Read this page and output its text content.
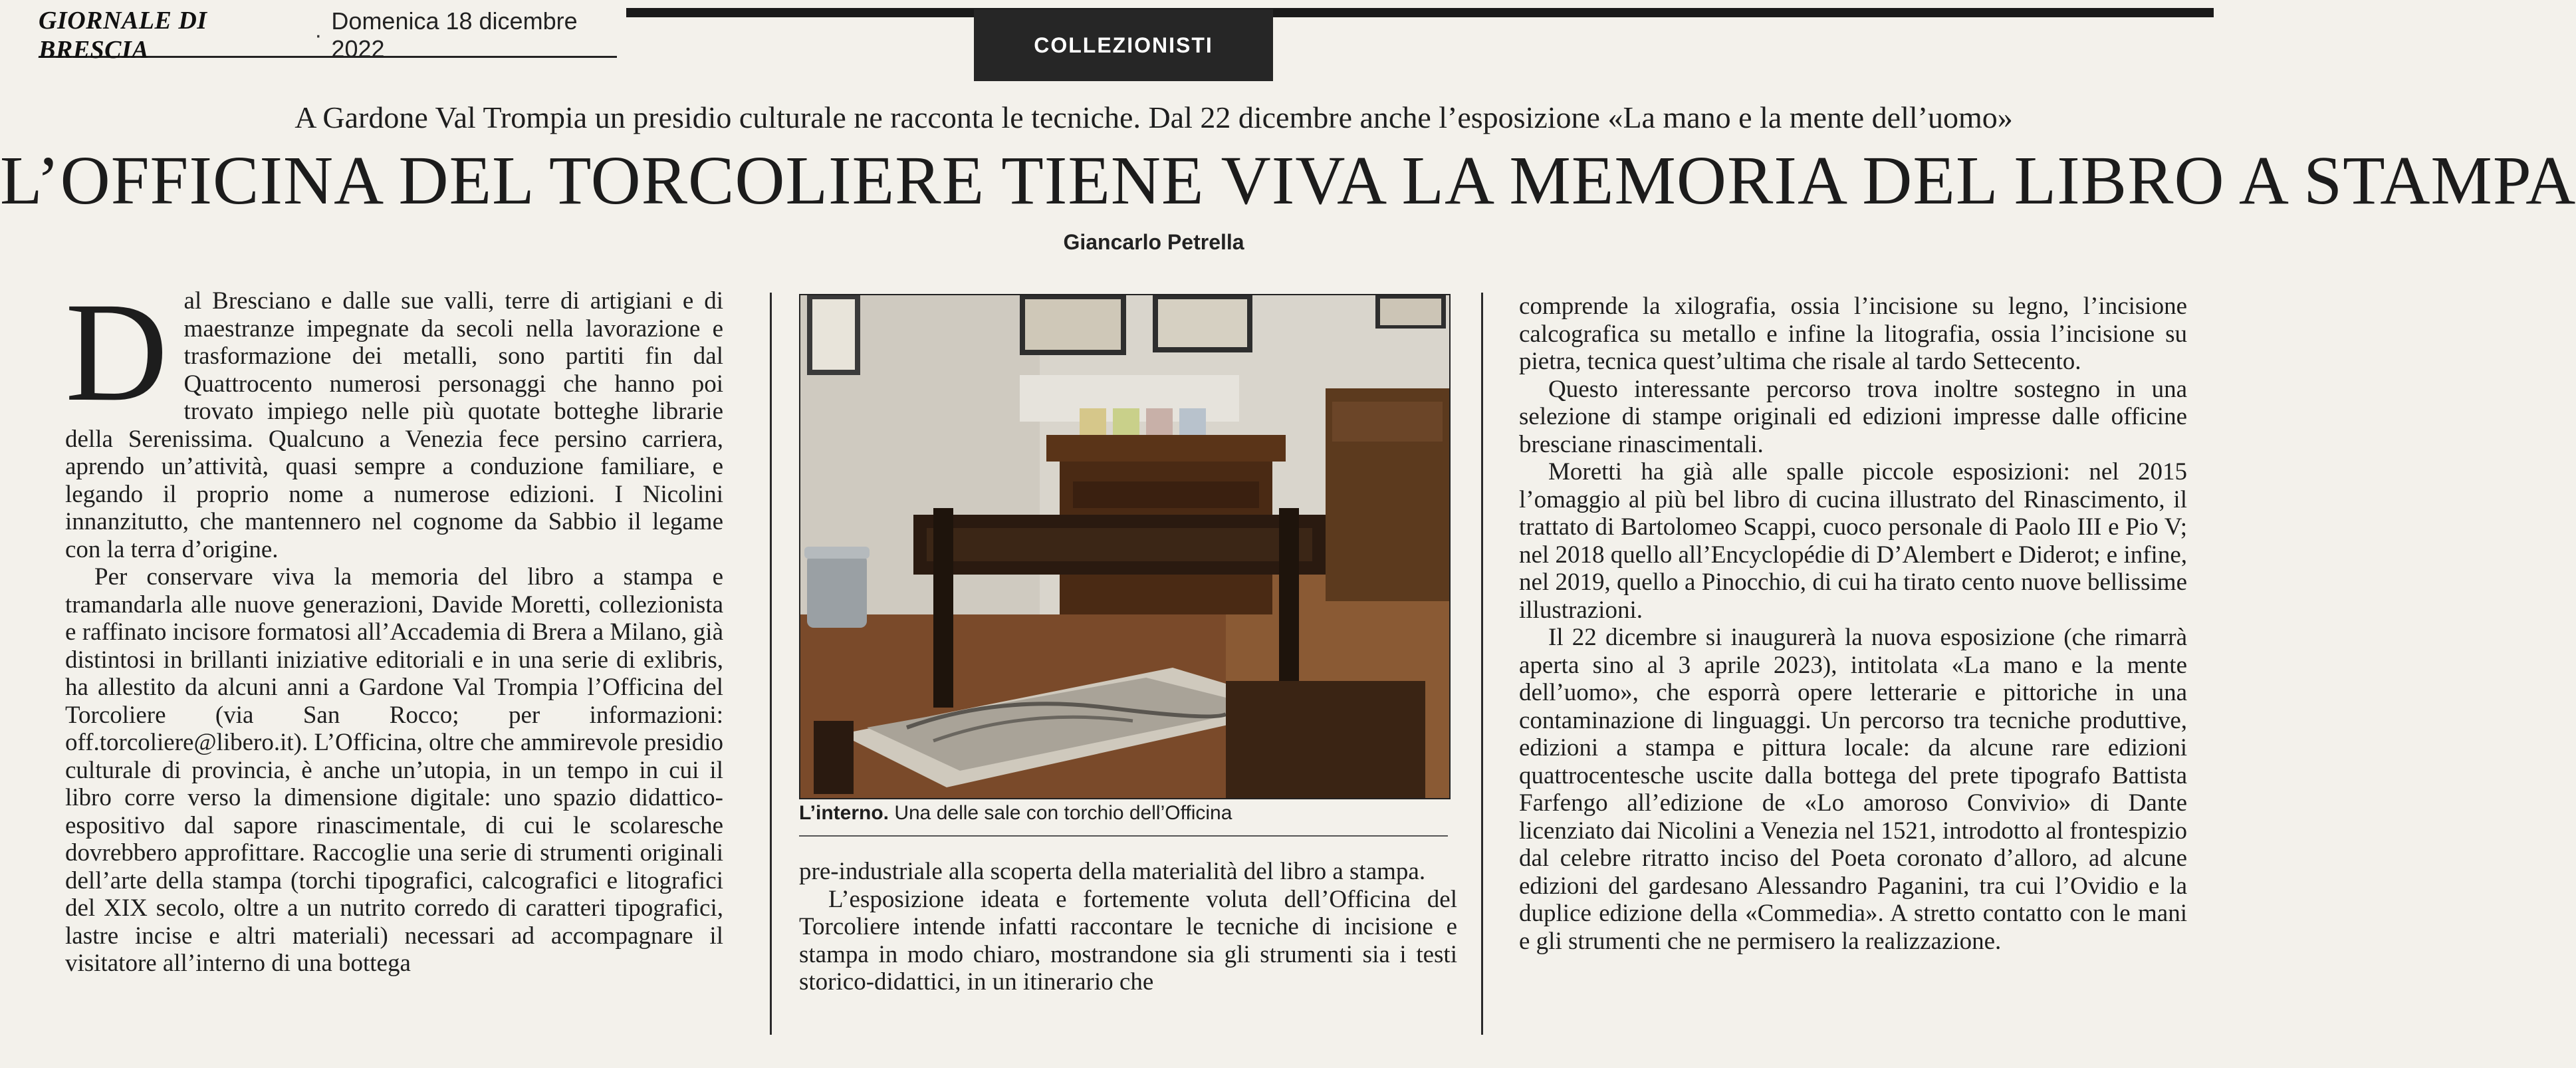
GIORNALE DI BRESCIA
·
Domenica 18 dicembre 2022	COLLEZIONISTI
A Gardone Val Trompia un presidio culturale ne racconta le tecniche. Dal 22 dicembre anche l’esposizione «La mano e la mente dell’uomo»
L’OFFICINA DEL TORCOLIERE TIENE VIVA LA MEMORIA DEL LIBRO A STAMPA
Giancarlo Petrella
D al Bresciano e dalle sue valli, terre di artigiani e di maestranze impegnate da secoli nella lavorazione e trasformazione dei metalli, sono partiti fin dal Quattrocento numerosi personaggi che hanno poi trovato impiego nelle più quotate botteghe librarie della Serenissima. Qualcuno a Venezia fece persino carriera, aprendo un’attività, quasi sempre a conduzione familiare, e legando il proprio nome a numerose edizioni. I Nicolini innanzitutto, che mantennero nel cognome da Sabbio il legame con la terra d’origine.

Per conservare viva la memoria del libro a stampa e tramandarla alle nuove generazioni, Davide Moretti, collezionista e raffinato incisore formatosi all’Accademia di Brera a Milano, già distintosi in brillanti iniziative editoriali e in una serie di exlibris, ha allestito da alcuni anni a Gardone Val Trompia l’Officina del Torcoliere (via San Rocco; per informazioni: off.torcoliere@libero.it). L’Officina, oltre che ammirevole presidio culturale di provincia, è anche un’utopia, in un tempo in cui il libro corre verso la dimensione digitale: uno spazio didattico-espositivo dal sapore rinascimentale, di cui le scolaresche dovrebbero approfittare. Raccoglie una serie di strumenti originali dell’arte della stampa (torchi tipografici, calcografici e litografici del XIX secolo, oltre a un nutrito corredo di caratteri tipografici, lastre incise e altri materiali) necessari ad accompagnare il visitatore all’interno di una bottega

L’interno. Una delle sale con torchio dell’Officina

pre-industriale alla scoperta della materialità del libro a stampa.

L’esposizione ideata e fortemente voluta dell’Officina del Torcoliere intende infatti raccontare le tecniche di incisione e stampa in modo chiaro, mostrandone sia gli strumenti sia i testi storico-didattici, in un itinerario che

comprende la xilografia, ossia l’incisione su legno, l’incisione calcografica su metallo e infine la litografia, ossia l’incisione su pietra, tecnica quest’ultima che risale al tardo Settecento.

Questo interessante percorso trova inoltre sostegno in una selezione di stampe originali ed edizioni impresse dalle officine bresciane rinascimentali.

Moretti ha già alle spalle piccole esposizioni: nel 2015 l’omaggio al più bel libro di cucina illustrato del Rinascimento, il trattato di Bartolomeo Scappi, cuoco personale di Paolo III e Pio V; nel 2018 quello all’Encyclopédie di D’Alembert e Diderot; e infine, nel 2019, quello a Pinocchio, di cui ha tirato cento nuove bellissime illustrazioni.

Il 22 dicembre si inaugurerà la nuova esposizione (che rimarrà aperta sino al 3 aprile 2023), intitolata «La mano e la mente dell’uomo», che esporrà opere letterarie e pittoriche in una contaminazione di linguaggi. Un percorso tra tecniche produttive, edizioni a stampa e pittura locale: da alcune rare edizioni quattrocentesche uscite dalla bottega del prete tipografo Battista Farfengo all’edizione de «Lo amoroso Convivio» di Dante licenziato dai Nicolini a Venezia nel 1521, introdotto al frontespizio dal celebre ritratto inciso del Poeta coronato d’alloro, ad alcune edizioni del gardesano Alessandro Paganini, tra cui l’Ovidio e la duplice edizione della «Commedia». A stretto contatto con le mani e gli strumenti che ne permisero la realizzazione.
